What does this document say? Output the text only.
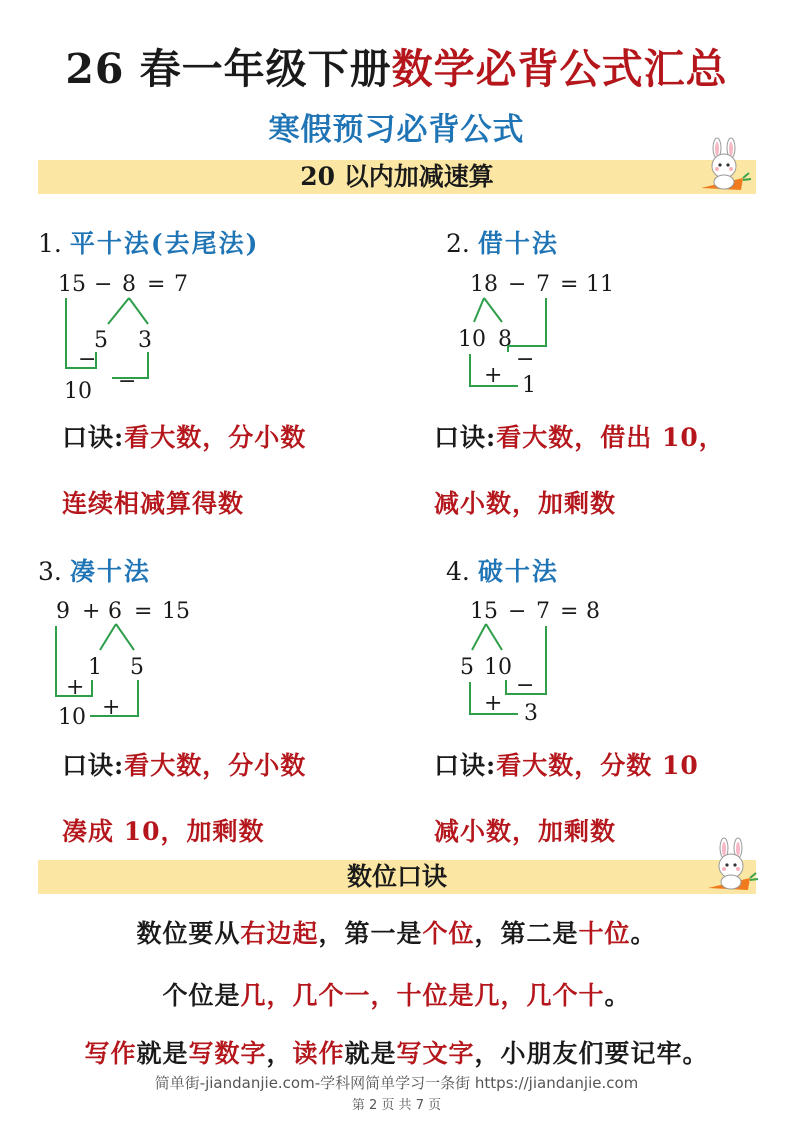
26 春一年级下册数学必背公式汇总
寒假预习必背公式
20 以内加减速算
1. 平十法(去尾法)
15 − 8 = 7
5 3
−
10 −
口诀:看大数，分小数
连续相减算得数
2. 借十法
18 − 7 = 11
10 8
−
+ 1
口诀:看大数，借出 10，
减小数，加剩数
3. 凑十法
9 + 6 = 15
1 5
+
10 +
口诀:看大数，分小数
凑成 10，加剩数
4. 破十法
15 − 7 = 8
5 10
−
+ 3
口诀:看大数，分数 10
减小数，加剩数
数位口诀
数位要从右边起，第一是个位，第二是十位。
个位是几，几个一，十位是几，几个十。
写作就是写数字，读作就是写文字，小朋友们要记牢。
简单街-jiandanjie.com-学科网简单学习一条街 https://jiandanjie.com
第 2 页 共 7 页
